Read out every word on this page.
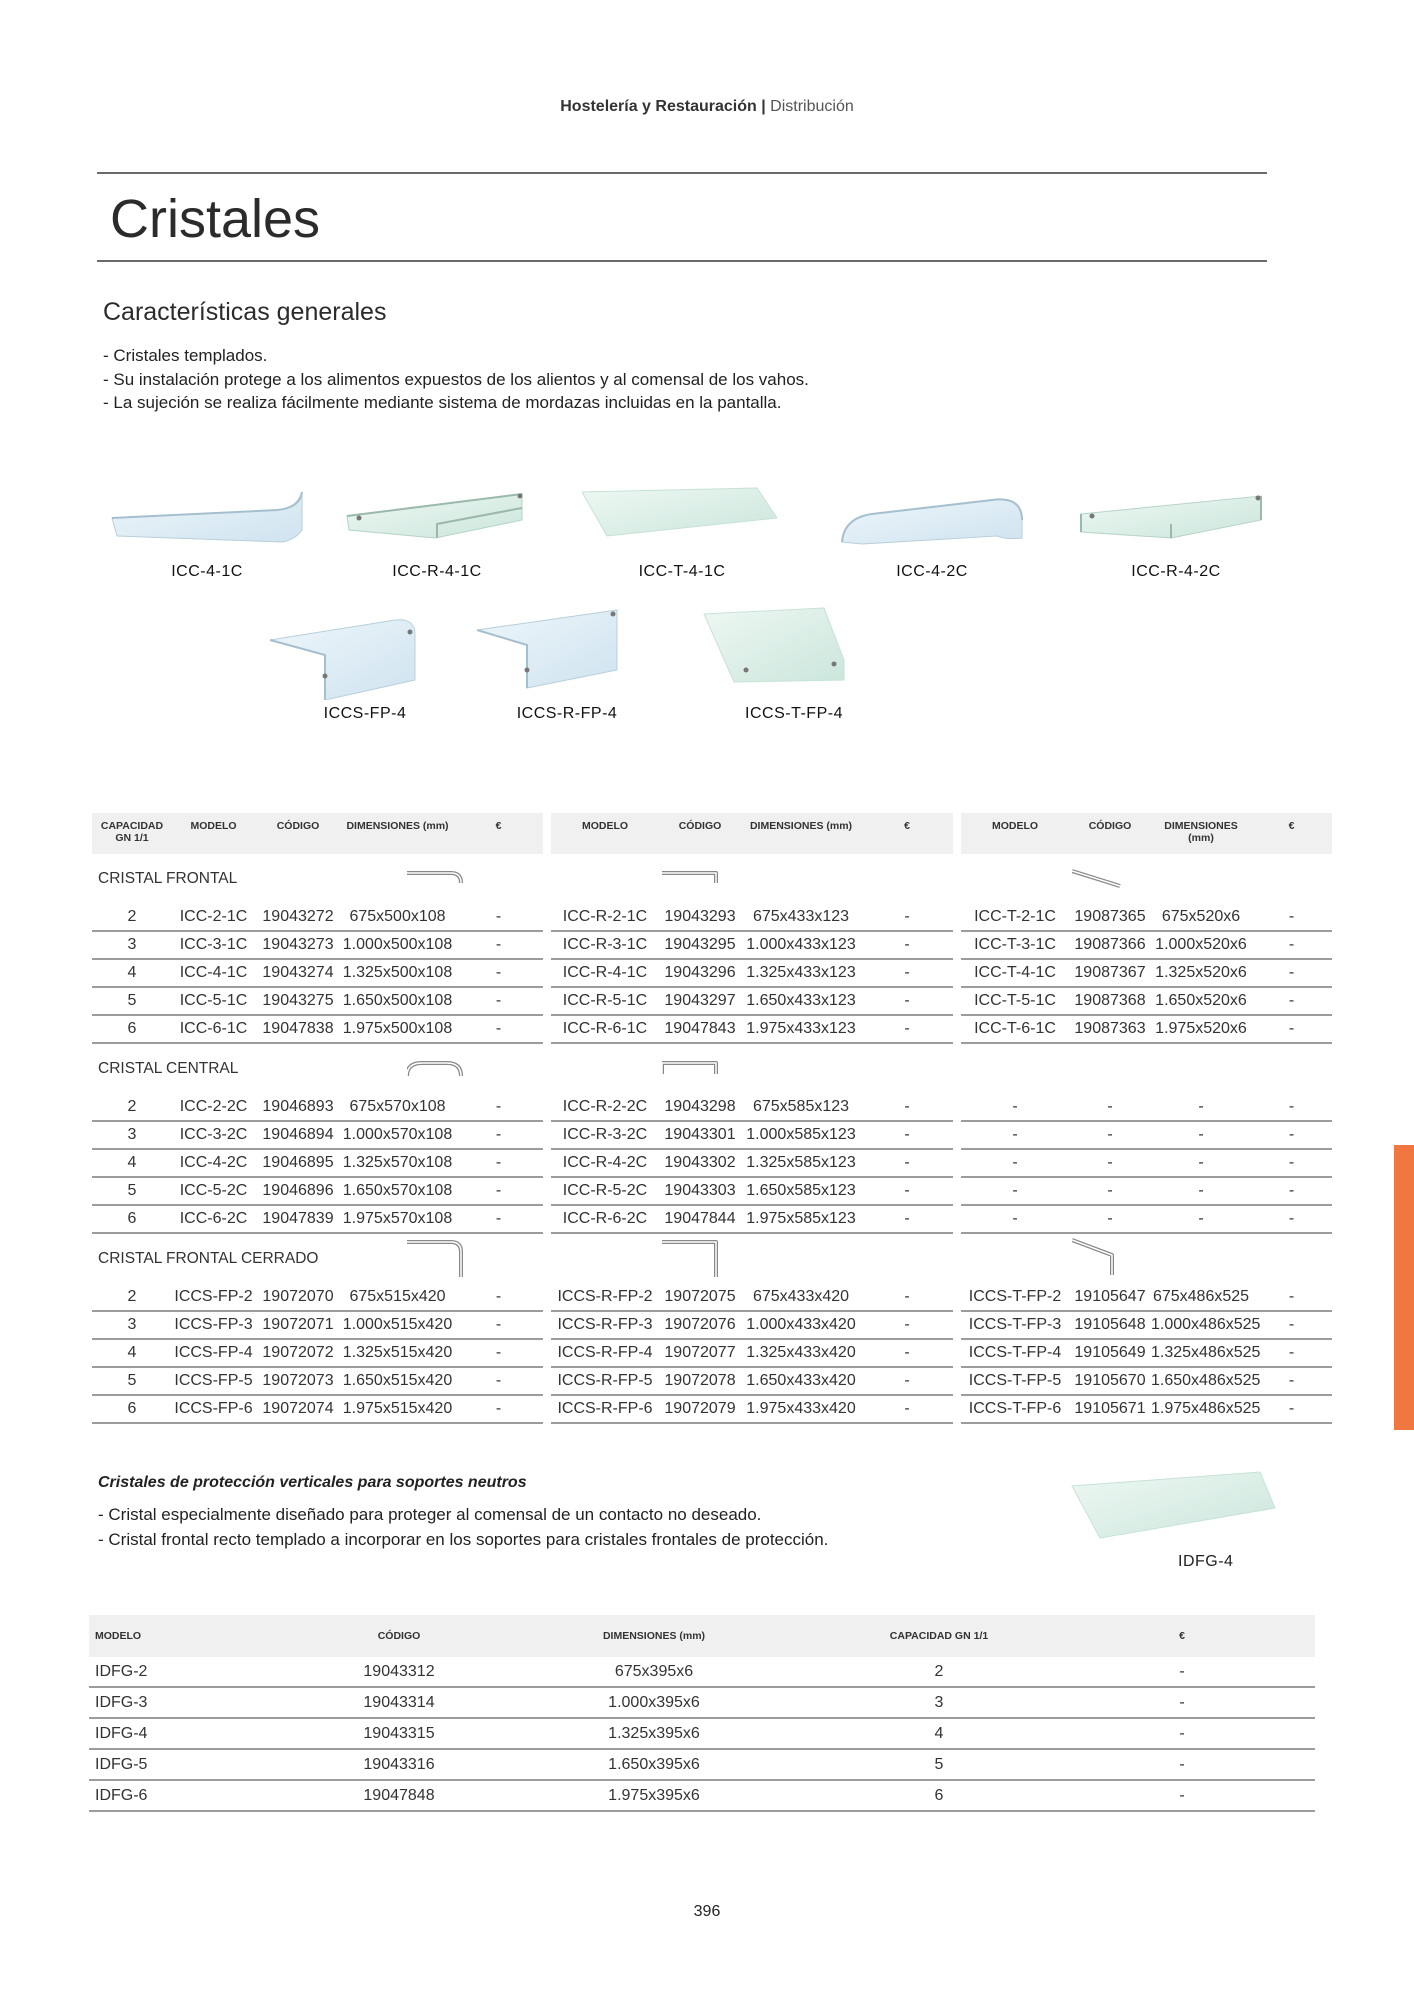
Hostelería y Restauración | Distribución
Cristales
Características generales
- Cristales templados.
- Su instalación protege a los alimentos expuestos de los alientos y al comensal de los vahos.
- La sujeción se realiza fácilmente mediante sistema de mordazas incluidas en la pantalla.
ICC-4-1C	ICC-R-4-1C	ICC-T-4-1C	ICC-4-2C	ICC-R-4-2C
ICCS-FP-4	ICCS-R-FP-4	ICCS-T-FP-4
CAPACIDAD GN 1/1	MODELO	CÓDIGO	DIMENSIONES (mm)	€		MODELO	CÓDIGO	DIMENSIONES (mm)	€		MODELO	CÓDIGO	DIMENSIONES (mm)	€
CRISTAL FRONTAL	

2	ICC-2-1C	19043272	675x500x108	-		ICC-R-2-1C	19043293	675x433x123	-		ICC-T-2-1C	19087365	675x520x6	-
3	ICC-3-1C	19043273	1.000x500x108	-		ICC-R-3-1C	19043295	1.000x433x123	-		ICC-T-3-1C	19087366	1.000x520x6	-
4	ICC-4-1C	19043274	1.325x500x108	-		ICC-R-4-1C	19043296	1.325x433x123	-		ICC-T-4-1C	19087367	1.325x520x6	-
5	ICC-5-1C	19043275	1.650x500x108	-		ICC-R-5-1C	19043297	1.650x433x123	-		ICC-T-5-1C	19087368	1.650x520x6	-
6	ICC-6-1C	19047838	1.975x500x108	-		ICC-R-6-1C	19047843	1.975x433x123	-		ICC-T-6-1C	19087363	1.975x520x6	-
CRISTAL CENTRAL	

2	ICC-2-2C	19046893	675x570x108	-		ICC-R-2-2C	19043298	675x585x123	-		-	-	-	-
3	ICC-3-2C	19046894	1.000x570x108	-		ICC-R-3-2C	19043301	1.000x585x123	-		-	-	-	-
4	ICC-4-2C	19046895	1.325x570x108	-		ICC-R-4-2C	19043302	1.325x585x123	-		-	-	-	-
5	ICC-5-2C	19046896	1.650x570x108	-		ICC-R-5-2C	19043303	1.650x585x123	-		-	-	-	-
6	ICC-6-2C	19047839	1.975x570x108	-		ICC-R-6-2C	19047844	1.975x585x123	-		-	-	-	-
CRISTAL FRONTAL CERRADO	

2	ICCS-FP-2	19072070	675x515x420	-		ICCS-R-FP-2	19072075	675x433x420	-		ICCS-T-FP-2	19105647	675x486x525	-
3	ICCS-FP-3	19072071	1.000x515x420	-		ICCS-R-FP-3	19072076	1.000x433x420	-		ICCS-T-FP-3	19105648	1.000x486x525	-
4	ICCS-FP-4	19072072	1.325x515x420	-		ICCS-R-FP-4	19072077	1.325x433x420	-		ICCS-T-FP-4	19105649	1.325x486x525	-
5	ICCS-FP-5	19072073	1.650x515x420	-		ICCS-R-FP-5	19072078	1.650x433x420	-		ICCS-T-FP-5	19105670	1.650x486x525	-
6	ICCS-FP-6	19072074	1.975x515x420	-		ICCS-R-FP-6	19072079	1.975x433x420	-		ICCS-T-FP-6	19105671	1.975x486x525	-

Cristales de protección verticales para soportes neutros

- Cristal especialmente diseñado para proteger al comensal de un contacto no deseado.
- Cristal frontal recto templado a incorporar en los soportes para cristales frontales de protección.
IDFG-4
MODELO	CÓDIGO	DIMENSIONES (mm)	CAPACIDAD GN 1/1	€
IDFG-2	19043312	675x395x6	2	-
IDFG-3	19043314	1.000x395x6	3	-
IDFG-4	19043315	1.325x395x6	4	-
IDFG-5	19043316	1.650x395x6	5	-
IDFG-6	19047848	1.975x395x6	6	-
396
